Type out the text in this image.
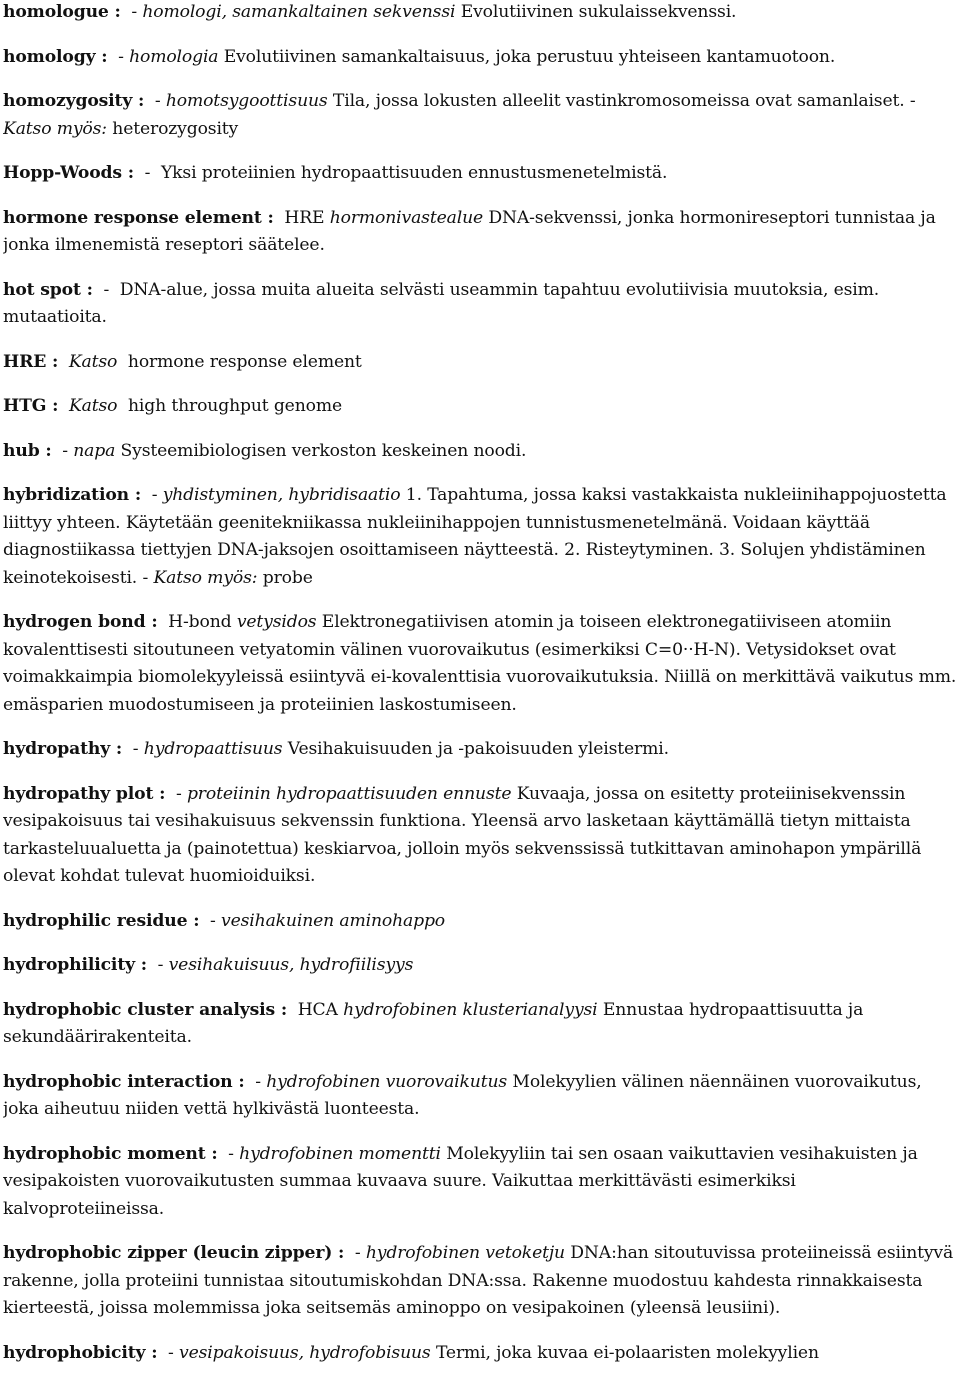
homologue : - homologi, samankaltainen sekvenssi Evolutiivinen sukulaissekvenssi.

homology : - homologia Evolutiivinen samankaltaisuus, joka perustuu yhteiseen kantamuotoon.

homozygosity : - homotsygoottisuus Tila, jossa lokusten alleelit vastinkromosomeissa ovat samanlaiset. - Katso myös: heterozygosity

Hopp-Woods : - Yksi proteiinien hydropaattisuuden ennustusmenetelmistä.

hormone response element : HRE hormonivastealue DNA-sekvenssi, jonka hormonireseptori tunnistaa ja jonka ilmenemistä reseptori säätelee.

hot spot : - DNA-alue, jossa muita alueita selvästi useammin tapahtuu evolutiivisia muutoksia, esim. mutaatioita.

HRE : Katso hormone response element

HTG : Katso high throughput genome

hub : - napa Systeemibiologisen verkoston keskeinen noodi.

hybridization : - yhdistyminen, hybridisaatio 1. Tapahtuma, jossa kaksi vastakkaista nukleiinihappojuostetta liittyy yhteen. Käytetään geenitekniikassa nukleiinihappojen tunnistusmenetelmänä. Voidaan käyttää diagnostiikassa tiettyjen DNA-jaksojen osoittamiseen näytteestä. 2. Risteytyminen. 3. Solujen yhdistäminen keinotekoisesti. - Katso myös: probe

hydrogen bond : H-bond vetysidos Elektronegatiivisen atomin ja toiseen elektronegatiiviseen atomiin kovalenttisesti sitoutuneen vetyatomin välinen vuorovaikutus (esimerkiksi C=0··H-N). Vetysidokset ovat voimakkaimpia biomolekyyleissä esiintyvä ei-kovalenttisia vuorovaikutuksia. Niillä on merkittävä vaikutus mm. emäsparien muodostumiseen ja proteiinien laskostumiseen.

hydropathy : - hydropaattisuus Vesihakuisuuden ja -pakoisuuden yleistermi.

hydropathy plot : - proteiinin hydropaattisuuden ennuste Kuvaaja, jossa on esitetty proteiinisekvenssin vesipakoisuus tai vesihakuisuus sekvenssin funktiona. Yleensä arvo lasketaan käyttämällä tietyn mittaista tarkasteluualuetta ja (painotettua) keskiarvoa, jolloin myös sekvenssissä tutkittavan aminohapon ympärillä olevat kohdat tulevat huomioiduiksi.

hydrophilic residue : - vesihakuinen aminohappo

hydrophilicity : - vesihakuisuus, hydrofiilisyys

hydrophobic cluster analysis : HCA hydrofobinen klusterianalyysi Ennustaa hydropaattisuutta ja sekundäärirakenteita.

hydrophobic interaction : - hydrofobinen vuorovaikutus Molekyylien välinen näennäinen vuorovaikutus, joka aiheutuu niiden vettä hylkivästä luonteesta.

hydrophobic moment : - hydrofobinen momentti Molekyyliin tai sen osaan vaikuttavien vesihakuisten ja vesipakoisten vuorovaikutusten summaa kuvaava suure. Vaikuttaa merkittävästi esimerkiksi kalvoproteiineissa.

hydrophobic zipper (leucin zipper) : - hydrofobinen vetoketju DNA:han sitoutuvissa proteiineissä esiintyvä rakenne, jolla proteiini tunnistaa sitoutumiskohdan DNA:ssa. Rakenne muodostuu kahdesta rinnakkaisesta kierteestä, joissa molemmissa joka seitsemäs aminoppo on vesipakoinen (yleensä leusiini).

hydrophobicity : - vesipakoisuus, hydrofobisuus Termi, joka kuvaa ei-polaaristen molekyylien
